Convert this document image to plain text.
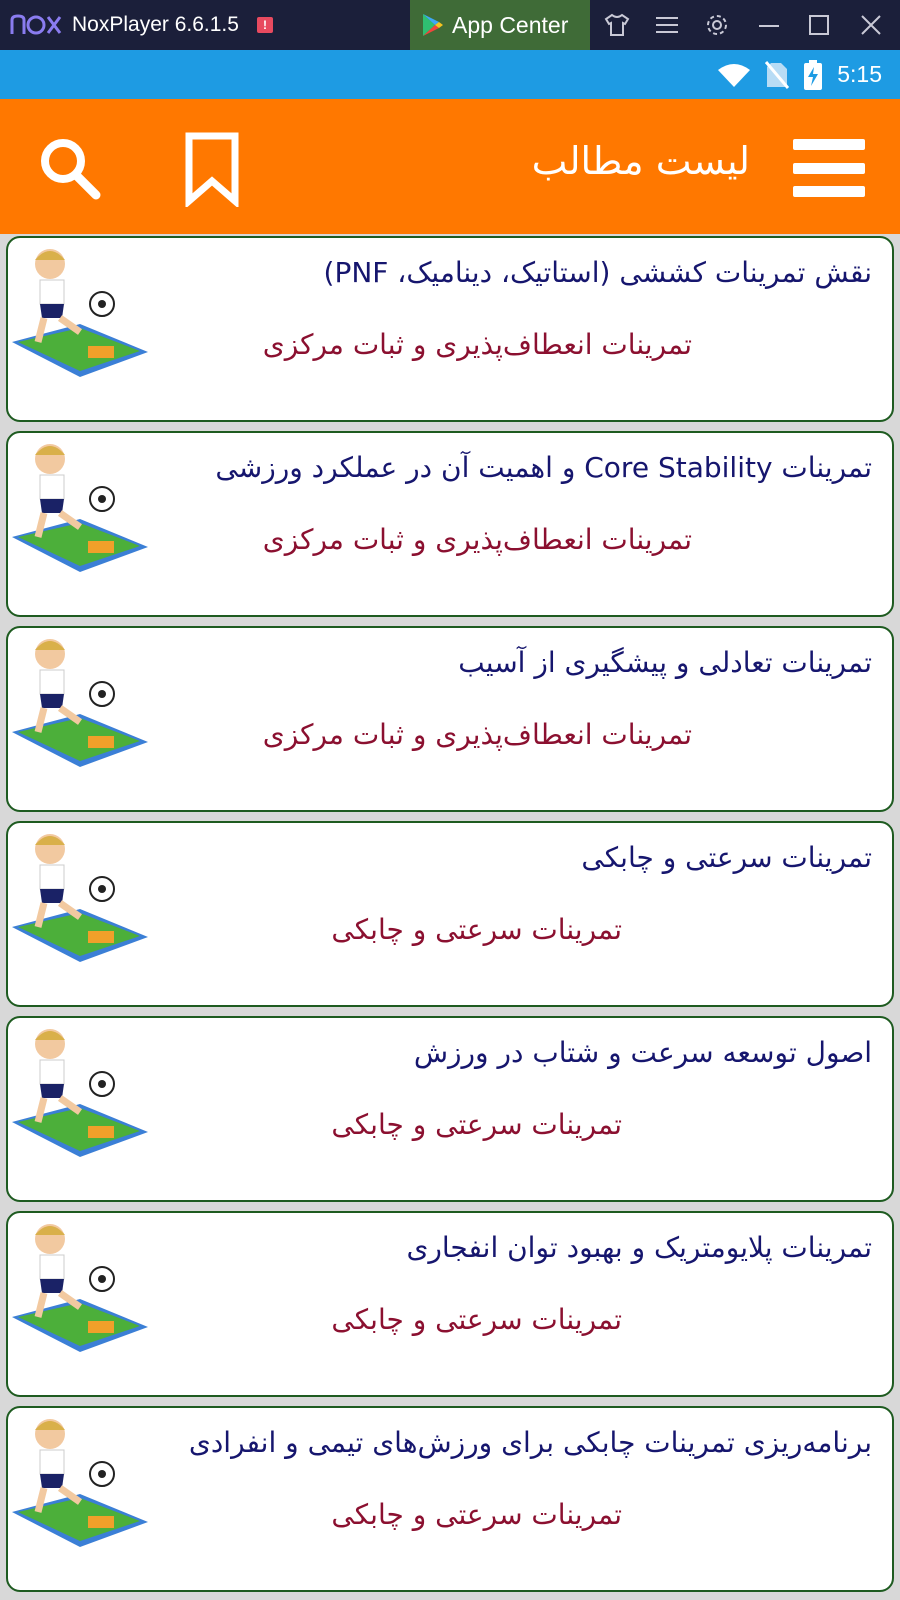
NoxPlayer 6.6.1.5	!	App Center
5:15
لیست مطالب
نقش تمرینات کششی (استاتیک، دینامیک، PNF)
تمرینات انعطاف‌پذیری و ثبات مرکزی
تمرینات Core Stability و اهمیت آن در عملکرد ورزشی
تمرینات انعطاف‌پذیری و ثبات مرکزی
تمرینات تعادلی و پیشگیری از آسیب
تمرینات انعطاف‌پذیری و ثبات مرکزی
تمرینات سرعتی و چابکی
تمرینات سرعتی و چابکی
اصول توسعه سرعت و شتاب در ورزش
تمرینات سرعتی و چابکی
تمرینات پلایومتریک و بهبود توان انفجاری
تمرینات سرعتی و چابکی
برنامه‌ریزی تمرینات چابکی برای ورزش‌های تیمی و انفرادی
تمرینات سرعتی و چابکی
